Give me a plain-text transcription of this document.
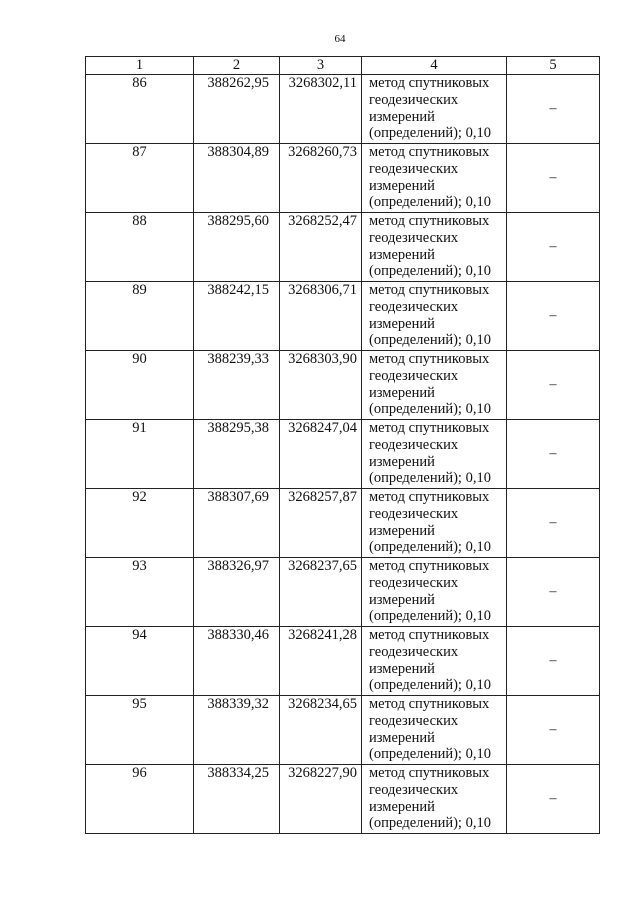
64
1	2	3	4	5
86	388262,95	3268302,11	метод спутниковых геодезических измерений (определений); 0,10	–
87	388304,89	3268260,73	метод спутниковых геодезических измерений (определений); 0,10	–
88	388295,60	3268252,47	метод спутниковых геодезических измерений (определений); 0,10	–
89	388242,15	3268306,71	метод спутниковых геодезических измерений (определений); 0,10	–
90	388239,33	3268303,90	метод спутниковых геодезических измерений (определений); 0,10	–
91	388295,38	3268247,04	метод спутниковых геодезических измерений (определений); 0,10	–
92	388307,69	3268257,87	метод спутниковых геодезических измерений (определений); 0,10	–
93	388326,97	3268237,65	метод спутниковых геодезических измерений (определений); 0,10	–
94	388330,46	3268241,28	метод спутниковых геодезических измерений (определений); 0,10	–
95	388339,32	3268234,65	метод спутниковых геодезических измерений (определений); 0,10	–
96	388334,25	3268227,90	метод спутниковых геодезических измерений (определений); 0,10	–
